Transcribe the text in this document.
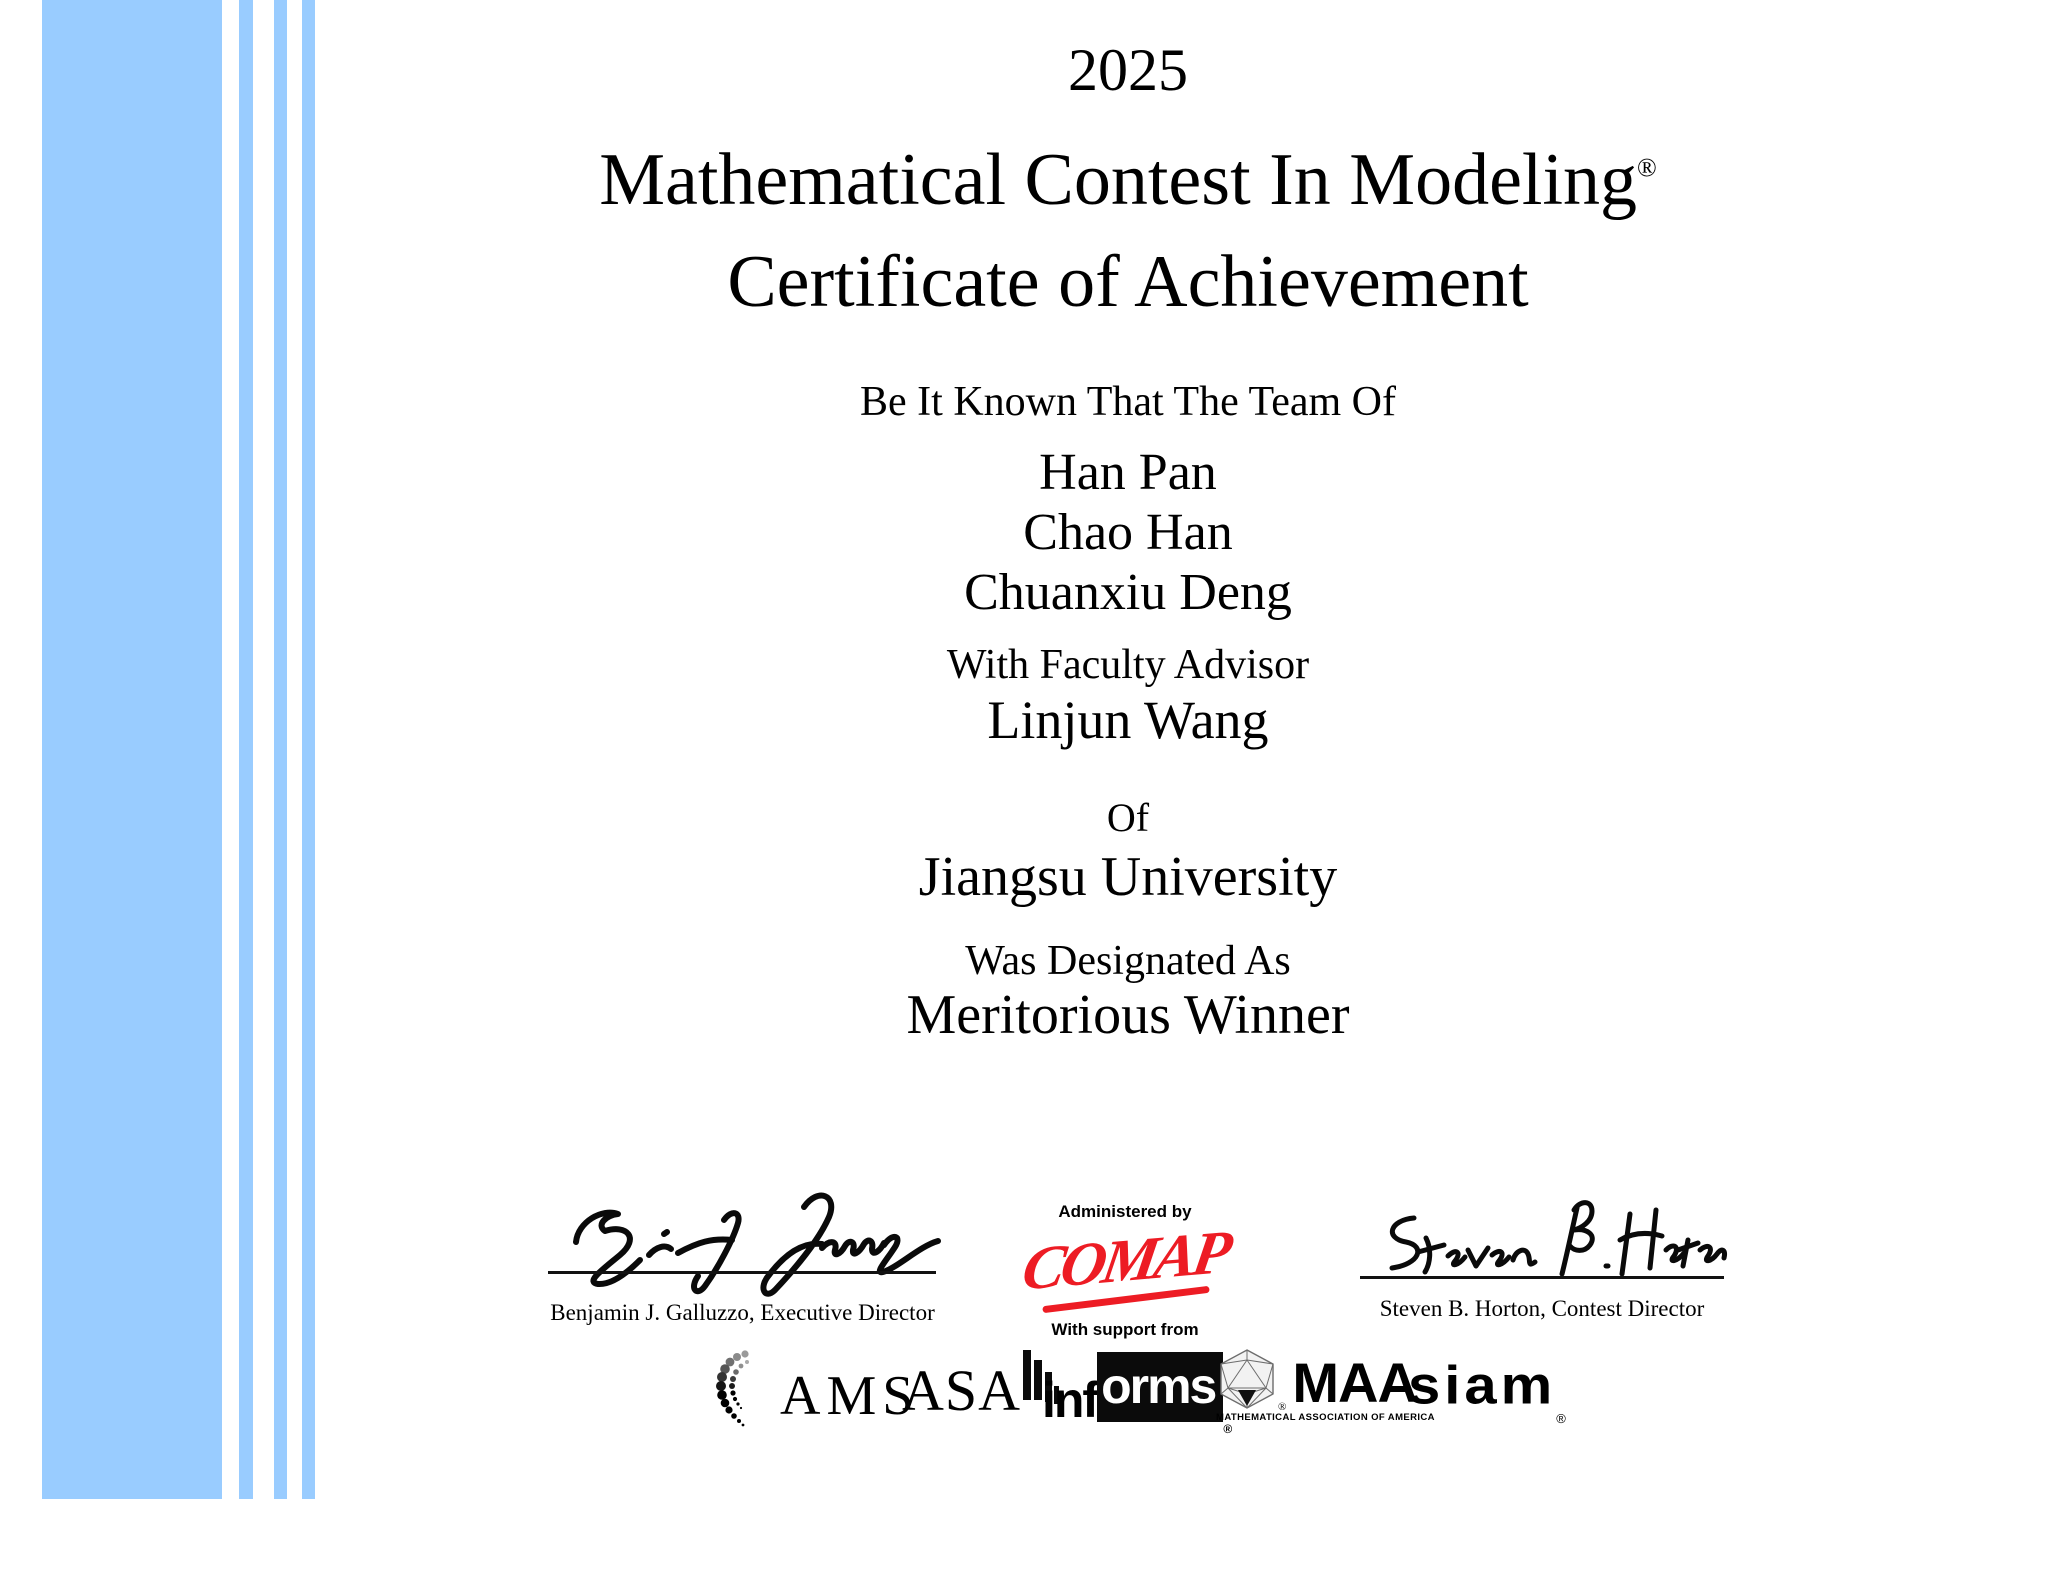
2025
Mathematical Contest In Modeling®
Certificate of Achievement
Be It Known That The Team Of
Han Pan
Chao Han
Chuanxiu Deng
With Faculty Advisor
Linjun Wang
Of
Jiangsu University
Was Designated As
Meritorious Winner
Benjamin J. Galluzzo, Executive Director
Administered by
COMAP
With support from
Steven B. Horton, Contest Director
AMS
ASA informs®
® MAA
MATHEMATICAL ASSOCIATION OF AMERICA
siam$_®$
